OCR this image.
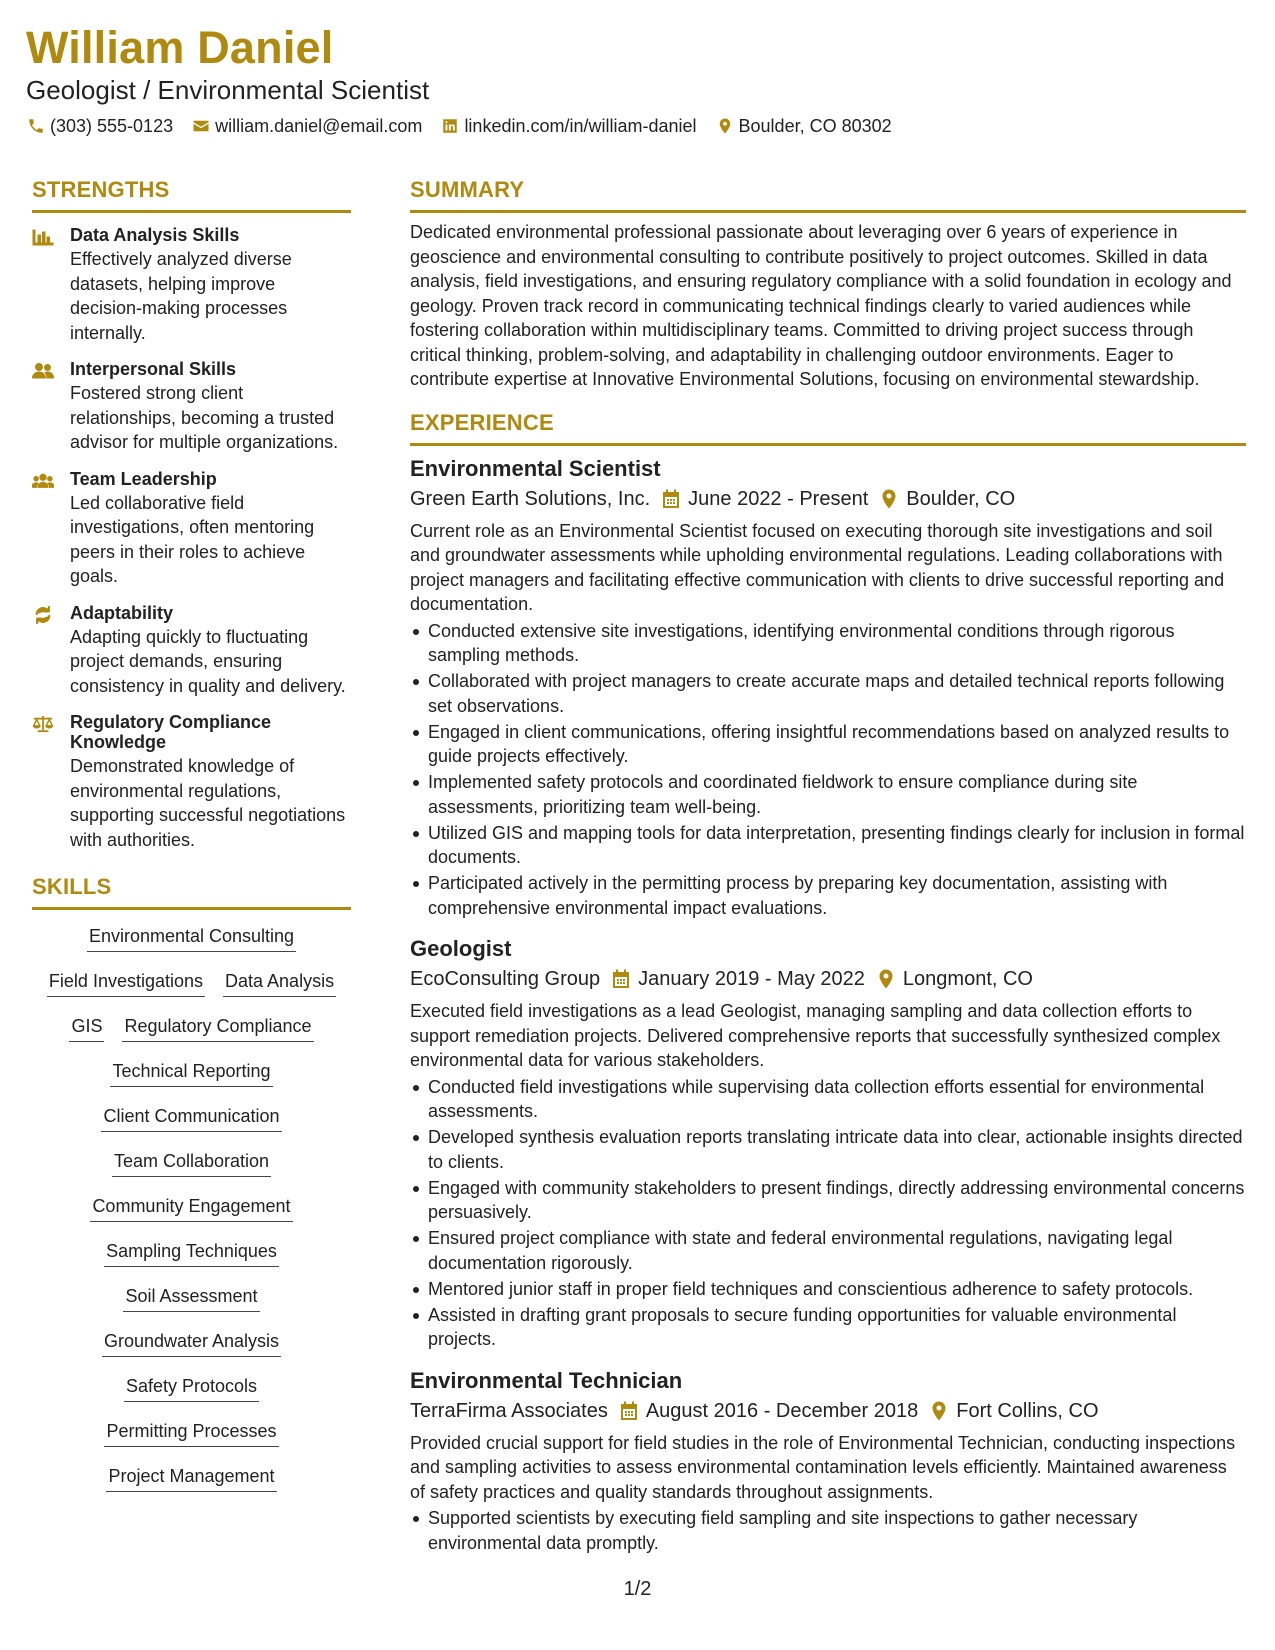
William Daniel
Geologist / Environmental Scientist
(303) 555-0123 william.daniel@email.com linkedin.com/in/william-daniel Boulder, CO 80302
STRENGTHS
Data Analysis Skills
Effectively analyzed diverse datasets, helping improve decision-making processes internally.
Interpersonal Skills
Fostered strong client relationships, becoming a trusted advisor for multiple organizations.
Team Leadership
Led collaborative field investigations, often mentoring peers in their roles to achieve goals.
Adaptability
Adapting quickly to fluctuating project demands, ensuring consistency in quality and delivery.
Regulatory Compliance Knowledge
Demonstrated knowledge of environmental regulations, supporting successful negotiations with authorities.
SKILLS
Environmental Consulting
Field Investigations Data Analysis
GIS Regulatory Compliance
Technical Reporting
Client Communication
Team Collaboration
Community Engagement
Sampling Techniques
Soil Assessment
Groundwater Analysis
Safety Protocols
Permitting Processes
Project Management
SUMMARY

Dedicated environmental professional passionate about leveraging over 6 years of experience in geoscience and environmental consulting to contribute positively to project outcomes. Skilled in data analysis, field investigations, and ensuring regulatory compliance with a solid foundation in ecology and geology. Proven track record in communicating technical findings clearly to varied audiences while fostering collaboration within multidisciplinary teams. Committed to driving project success through critical thinking, problem-solving, and adaptability in challenging outdoor environments. Eager to contribute expertise at Innovative Environmental Solutions, focusing on environmental stewardship.

EXPERIENCE
Environmental Scientist
Green Earth Solutions, Inc. June 2022 - Present Boulder, CO

Current role as an Environmental Scientist focused on executing thorough site investigations and soil and groundwater assessments while upholding environmental regulations. Leading collaborations with project managers and facilitating effective communication with clients to drive successful reporting and documentation.

Conducted extensive site investigations, identifying environmental conditions through rigorous sampling methods.
Collaborated with project managers to create accurate maps and detailed technical reports following set observations.
Engaged in client communications, offering insightful recommendations based on analyzed results to guide projects effectively.
Implemented safety protocols and coordinated fieldwork to ensure compliance during site assessments, prioritizing team well-being.
Utilized GIS and mapping tools for data interpretation, presenting findings clearly for inclusion in formal documents.
Participated actively in the permitting process by preparing key documentation, assisting with comprehensive environmental impact evaluations.
Geologist
EcoConsulting Group January 2019 - May 2022 Longmont, CO

Executed field investigations as a lead Geologist, managing sampling and data collection efforts to support remediation projects. Delivered comprehensive reports that successfully synthesized complex environmental data for various stakeholders.

Conducted field investigations while supervising data collection efforts essential for environmental assessments.
Developed synthesis evaluation reports translating intricate data into clear, actionable insights directed to clients.
Engaged with community stakeholders to present findings, directly addressing environmental concerns persuasively.
Ensured project compliance with state and federal environmental regulations, navigating legal documentation rigorously.
Mentored junior staff in proper field techniques and conscientious adherence to safety protocols.
Assisted in drafting grant proposals to secure funding opportunities for valuable environmental projects.
Environmental Technician
TerraFirma Associates August 2016 - December 2018 Fort Collins, CO

Provided crucial support for field studies in the role of Environmental Technician, conducting inspections and sampling activities to assess environmental contamination levels efficiently. Maintained awareness of safety practices and quality standards throughout assignments.

Supported scientists by executing field sampling and site inspections to gather necessary environmental data promptly.
1/2
